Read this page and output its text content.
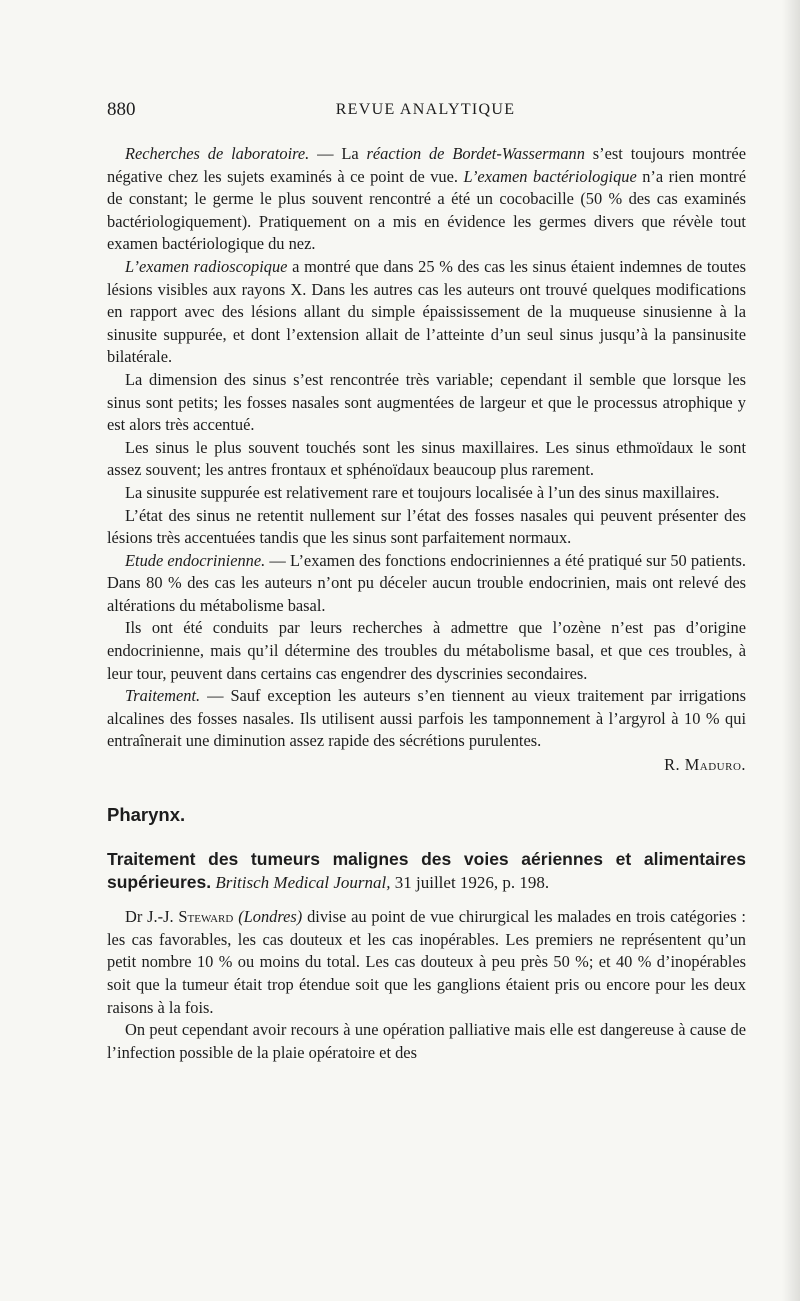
880	REVUE ANALYTIQUE

Recherches de laboratoire. — La réaction de Bordet-Wassermann s’est toujours montrée négative chez les sujets examinés à ce point de vue. L’examen bactériologique n’a rien montré de constant; le germe le plus souvent rencontré a été un cocobacille (50 % des cas examinés bactériologiquement). Pratiquement on a mis en évidence les germes divers que révèle tout examen bactériologique du nez.

L’examen radioscopique a montré que dans 25 % des cas les sinus étaient indemnes de toutes lésions visibles aux rayons X. Dans les autres cas les auteurs ont trouvé quelques modifications en rapport avec des lésions allant du simple épaississement de la muqueuse sinusienne à la sinusite suppurée, et dont l’extension allait de l’atteinte d’un seul sinus jusqu’à la pansinusite bilatérale.

La dimension des sinus s’est rencontrée très variable; cependant il semble que lorsque les sinus sont petits; les fosses nasales sont augmentées de largeur et que le processus atrophique y est alors très accentué.

Les sinus le plus souvent touchés sont les sinus maxillaires. Les sinus ethmoïdaux le sont assez souvent; les antres frontaux et sphénoïdaux beaucoup plus rarement.

La sinusite suppurée est relativement rare et toujours localisée à l’un des sinus maxillaires.

L’état des sinus ne retentit nullement sur l’état des fosses nasales qui peuvent présenter des lésions très accentuées tandis que les sinus sont parfaitement normaux.

Etude endocrinienne. — L’examen des fonctions endocriniennes a été pratiqué sur 50 patients. Dans 80 % des cas les auteurs n’ont pu déceler aucun trouble endocrinien, mais ont relevé des altérations du métabolisme basal.

Ils ont été conduits par leurs recherches à admettre que l’ozène n’est pas d’origine endocrinienne, mais qu’il détermine des troubles du métabolisme basal, et que ces troubles, à leur tour, peuvent dans certains cas engendrer des dyscrinies secondaires.

Traitement. — Sauf exception les auteurs s’en tiennent au vieux traitement par irrigations alcalines des fosses nasales. Ils utilisent aussi parfois les tamponnement à l’argyrol à 10 % qui entraînerait une diminution assez rapide des sécrétions purulentes.

R. Maduro.
Pharynx.

Traitement des tumeurs malignes des voies aériennes et alimentaires supérieures. Britisch Medical Journal, 31 juillet 1926, p. 198.

Dr J.-J. Steward (Londres) divise au point de vue chirurgical les malades en trois catégories : les cas favorables, les cas douteux et les cas inopérables. Les premiers ne représentent qu’un petit nombre 10 % ou moins du total. Les cas douteux à peu près 50 %; et 40 % d’inopérables soit que la tumeur était trop étendue soit que les ganglions étaient pris ou encore pour les deux raisons à la fois.

On peut cependant avoir recours à une opération palliative mais elle est dangereuse à cause de l’infection possible de la plaie opératoire et des
